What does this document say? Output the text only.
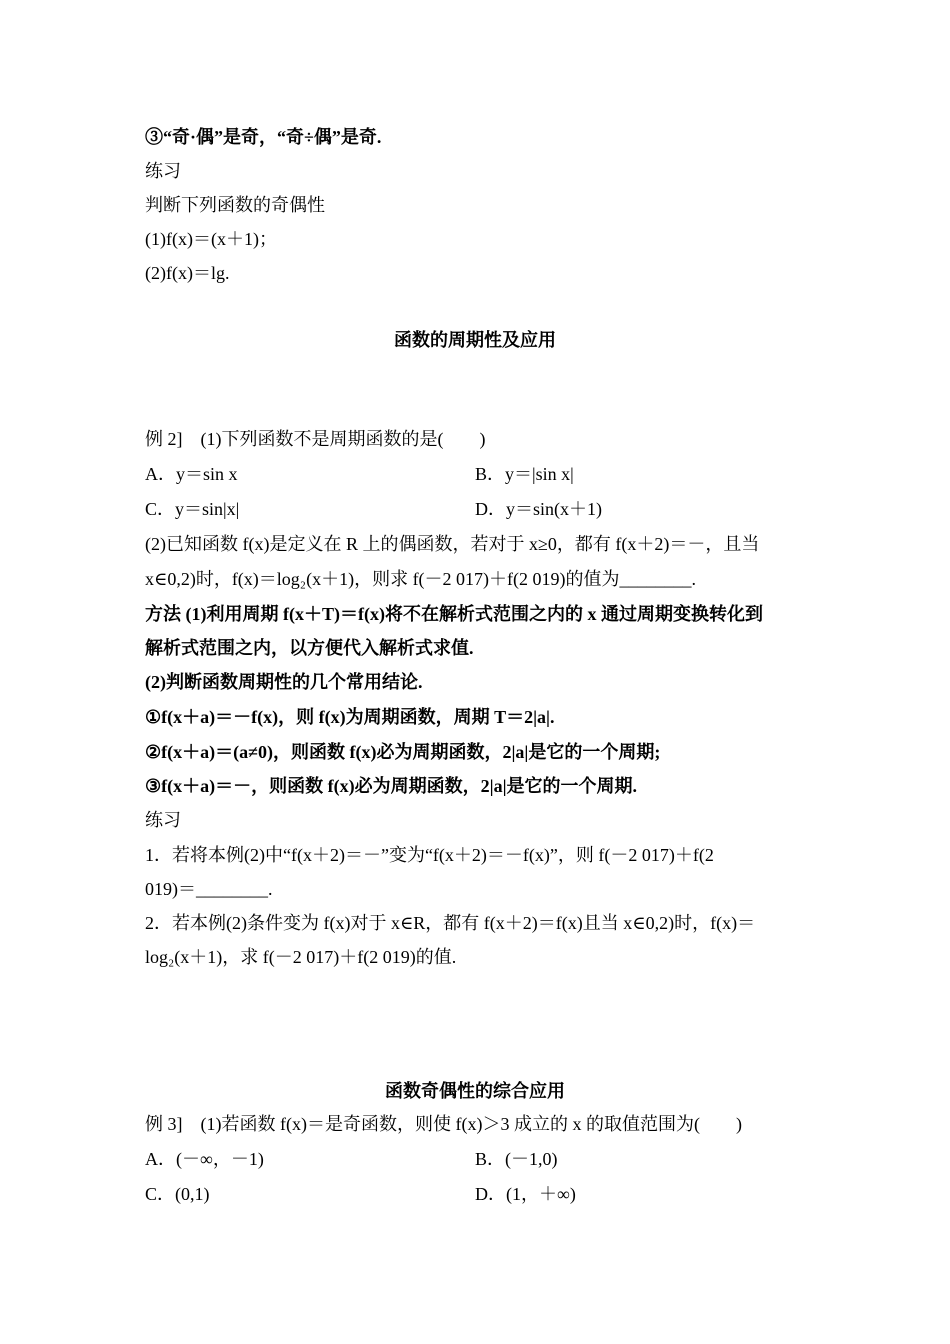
③“奇·偶”是奇，“奇÷偶”是奇.
练习
判断下列函数的奇偶性
(1)f(x)＝(x＋1)；
(2)f(x)＝lg.
函数的周期性及应用
例 2]　(1)下列函数不是周期函数的是(　　)
A．y＝sin x	B．y＝|sin x|
C．y＝sin|x|	D．y＝sin(x＋1)
(2)已知函数 f(x)是定义在 R 上的偶函数，若对于 x≥0，都有 f(x＋2)＝－，且当
x∈0,2)时，f(x)＝log₂(x＋1)，则求 f(－2 017)＋f(2 019)的值为________.
方法 (1)利用周期 f(x＋T)＝f(x)将不在解析式范围之内的 x 通过周期变换转化到
解析式范围之内，以方便代入解析式求值.
(2)判断函数周期性的几个常用结论.
①f(x＋a)＝－f(x)，则 f(x)为周期函数，周期 T＝2|a|.
②f(x＋a)＝(a≠0)，则函数 f(x)必为周期函数，2|a|是它的一个周期;
③f(x＋a)＝－，则函数 f(x)必为周期函数，2|a|是它的一个周期.
练习
1．若将本例(2)中“f(x＋2)＝－”变为“f(x＋2)＝－f(x)”，则 f(－2 017)＋f(2
019)＝________.
2．若本例(2)条件变为 f(x)对于 x∈R，都有 f(x＋2)＝f(x)且当 x∈0,2)时，f(x)＝
log₂(x＋1)，求 f(－2 017)＋f(2 019)的值.
函数奇偶性的综合应用
例 3]　(1)若函数 f(x)＝是奇函数，则使 f(x)＞3 成立的 x 的取值范围为(　　)
A．(－∞，－1)	B．(－1,0)
C．(0,1)	D．(1，＋∞)
